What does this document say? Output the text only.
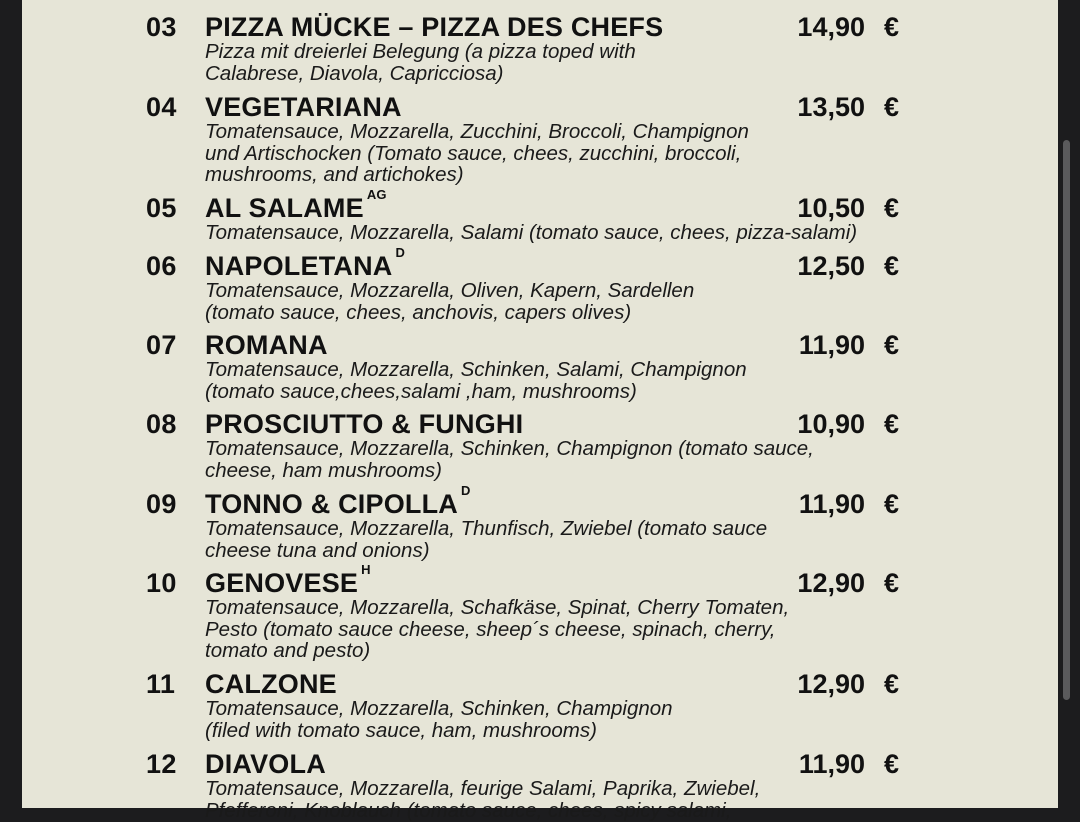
03 PIZZA MÜCKE – PIZZA DES CHEFS	14,90 €
Pizza mit dreierlei Belegung (a pizza toped with
Calabrese, Diavola, Capricciosa)
04 VEGETARIANA	13,50 €
Tomatensauce, Mozzarella, Zucchini, Broccoli, Champignon
und Artischocken (Tomato sauce, chees, zucchini, broccoli,
mushrooms, and artichokes)
05 AL SALAME $^{AG}$	10,50 €
Tomatensauce, Mozzarella, Salami (tomato sauce, chees, pizza-salami)
06 NAPOLETANA $^D$	12,50 €
Tomatensauce, Mozzarella, Oliven, Kapern, Sardellen
(tomato sauce, chees, anchovis, capers olives)
07 ROMANA	11,90 €
Tomatensauce, Mozzarella, Schinken, Salami, Champignon
(tomato sauce,chees,salami ,ham, mushrooms)
08 PROSCIUTTO & FUNGHI	10,90 €
Tomatensauce, Mozzarella, Schinken, Champignon (tomato sauce,
cheese, ham mushrooms)
09 TONNO & CIPOLLA $^D$	11,90 €
Tomatensauce, Mozzarella, Thunfisch, Zwiebel (tomato sauce
cheese tuna and onions)
10 GENOVESE $^H$	12,90 €
Tomatensauce, Mozzarella, Schafkäse, Spinat, Cherry Tomaten,
Pesto (tomato sauce cheese, sheep´s cheese, spinach, cherry,
tomato and pesto)
11 CALZONE	12,90 €
Tomatensauce, Mozzarella, Schinken, Champignon
(filed with tomato sauce, ham, mushrooms)
12 DIAVOLA	11,90 €
Tomatensauce, Mozzarella, feurige Salami, Paprika, Zwiebel,
Pfefferoni, Knoblauch (tomato sauce, chees, spicy salami,
